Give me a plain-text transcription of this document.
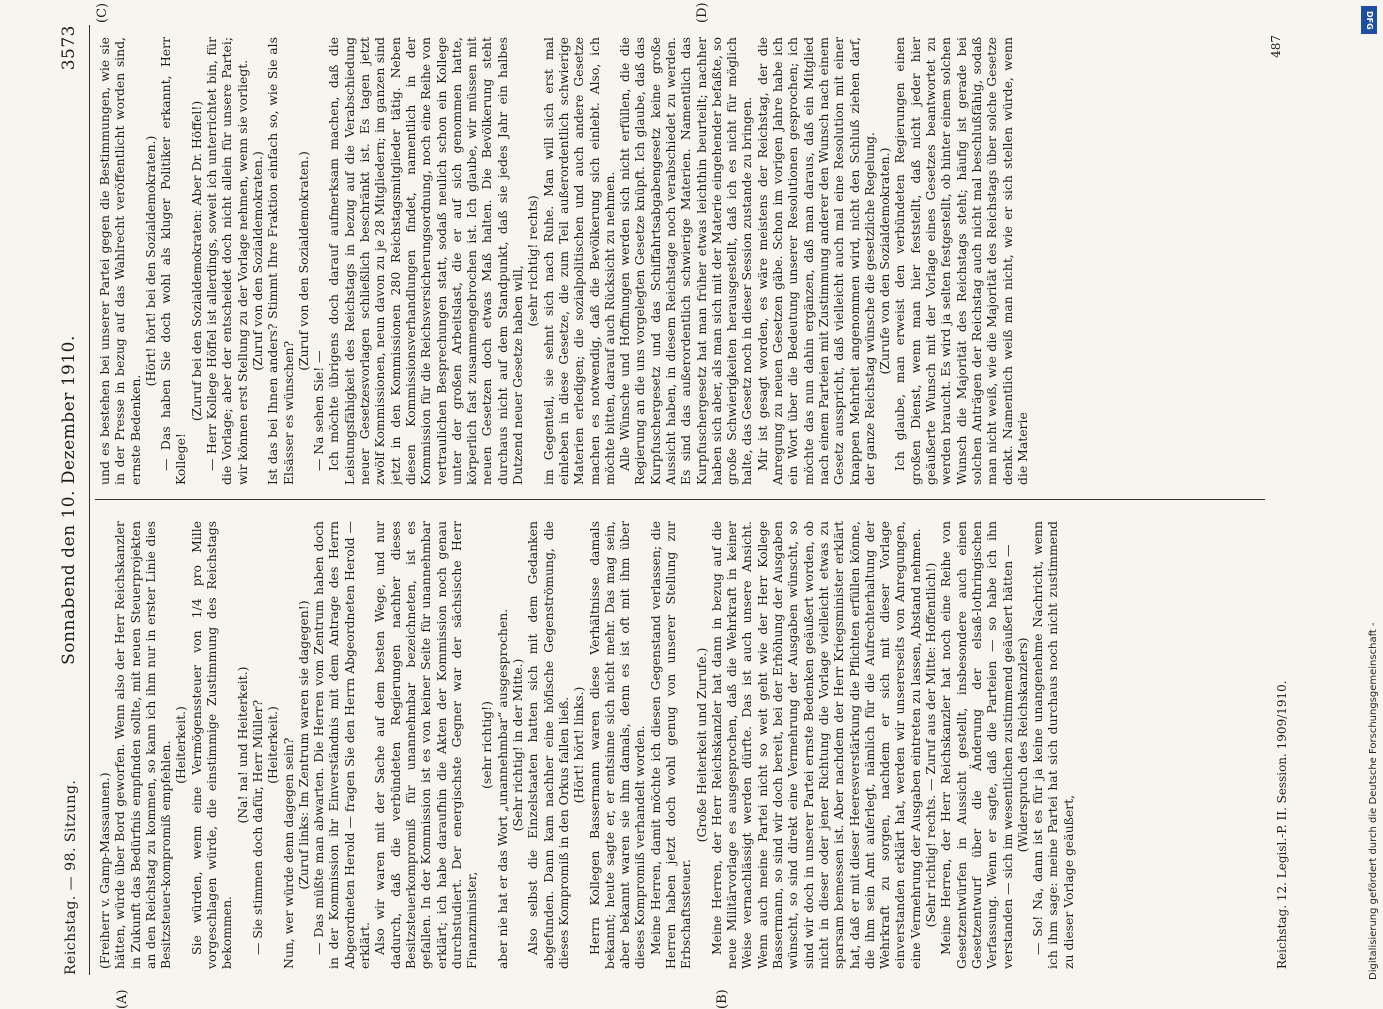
Reichstag. — 98. Sitzung.
Sonnabend den 10. Dezember 1910.
3573
(A)	(B)
(C)	(D)

(Freiherr v. Gamp-Massaunen.) hätten, würde über Bord geworfen. Wenn also der Herr Reichskanzler in Zukunft das Bedürfnis empfinden sollte, mit neuen Steuerprojekten an den Reichstag zu kommen, so kann ich ihm nur in erster Linie dies Besitzsteuer-kompromiß empfehlen. (Heiterkeit.) Sie würden, wenn eine Vermögenssteuer von 1/4 pro Mille vorgeschlagen würde, die einstimmige Zustimmung des Reichstags bekommen.

(Na! na! und Heiterkeit.) — Sie stimmen doch dafür, Herr Müller? (Heiterkeit.) Nun, wer würde denn dagegen sein? (Zuruf links: Im Zentrum waren sie dagegen!) — Das müßte man abwarten. Die Herren vom Zentrum haben doch in der Kommission ihr Einverständnis mit dem Antrage des Herrn Abgeordneten Herold — fragen Sie den Herrn Abgeordneten Herold — erklärt. Also wir waren mit der Sache auf dem besten Wege, und nur dadurch, daß die verbündeten Regierungen nachher dieses Besitzsteuerkompromiß für unannehmbar bezeichneten, ist es gefallen. In der Kommission ist es von keiner Seite für unannehmbar erklärt; ich habe daraufhin die Akten der Kommission noch genau durchstudiert. Der energischste Gegner war der sächsische Herr Finanzminister,

(sehr richtig!) aber nie hat er das Wort „unannehmbar“ ausgesprochen. (Sehr richtig! in der Mitte.) Also selbst die Einzelstaaten hatten sich mit dem Gedanken abgefunden. Dann kam nachher eine höfische Gegenströmung, die dieses Kompromiß in den Orkus fallen ließ. (Hört! hört! links.) Herrn Kollegen Bassermann waren diese Verhältnisse damals bekannt; heute sagte er, er entsinne sich nicht mehr. Das mag sein, aber bekannt waren sie ihm damals, denn es ist oft mit ihm über dieses Kompromiß verhandelt worden. Meine Herren, damit möchte ich diesen Gegenstand verlassen; die Herren haben jetzt doch wohl genug von unserer Stellung zur Erbschaftssteuer.

(Große Heiterkeit und Zurufe.) Meine Herren, der Herr Reichskanzler hat dann in bezug auf die neue Militärvorlage es ausgesprochen, daß die Wehrkraft in keiner Weise vernachlässigt werden dürfte. Das ist auch unsere Ansicht. Wenn auch meine Partei nicht so weit geht wie der Herr Kollege Bassermann, so sind wir doch bereit, bei der Erhöhung der Ausgaben wünscht, so sind direkt eine Vermehrung der Ausgaben wünscht, so sind wir doch in unserer Partei ernste Bedenken geäußert worden, ob nicht in dieser oder jener Richtung die Vorlage vielleicht etwas zu sparsam bemessen ist. Aber nachdem der Herr Kriegsminister erklärt hat, daß er mit dieser Heeresverstärkung die Pflichten erfüllen könne, die ihm sein Amt auferlegt, nämlich für die Aufrechterhaltung der Wehrkraft zu sorgen, nachdem er sich mit dieser Vorlage einverstanden erklärt hat, werden wir unsererseits von Anregungen, eine Vermehrung der Ausgaben eintreten zu lassen, Abstand nehmen. (Sehr richtig! rechts. — Zuruf aus der Mitte: Hoffentlich!) Meine Herren, der Herr Reichskanzler hat noch eine Reihe von Gesetzentwürfen in Aussicht gestellt, insbesondere auch einen Gesetzentwurf über die Änderung der elsaß-lothringischen Verfassung. Wenn er sagte, daß die Parteien — so habe ich ihn verstanden — sich im wesentlichen zustimmend geäußert hätten — (Widerspruch des Reichskanzlers) — So! Na, dann ist es für ja keine unangenehme Nachricht, wenn ich ihm sage: meine Partei hat sich durchaus noch nicht zustimmend zu dieser Vorlage geäußert,

und es bestehen bei unserer Partei gegen die Bestimmungen, wie sie in der Presse in bezug auf das Wahlrecht veröffentlicht worden sind, ernste Bedenken.

(Hört! hört! bei den Sozialdemokraten.) — Das haben Sie doch wohl als kluger Politiker erkannt, Herr Kollege!

(Zuruf bei den Sozialdemokraten: Aber Dr. Höffel!) — Herr Kollege Höffel ist allerdings, soweit ich unterrichtet bin, für die Vorlage; aber der entscheidet doch nicht allein für unsere Partei; wir können erst Stellung zu der Vorlage nehmen, wenn sie vorliegt. (Zuruf von den Sozialdemokraten.) Ist das bei Ihnen anders? Stimmt Ihre Fraktion einfach so, wie Sie als Elsässer es wünschen?

(Zuruf von den Sozialdemokraten.)

— Na sehen Sie! — Ich möchte übrigens doch darauf aufmerksam machen, daß die Leistungsfähigkeit des Reichstags in bezug auf die Verabschiedung neuer Gesetzesvorlagen schließlich beschränkt ist. Es tagen jetzt zwölf Kommissionen, neun davon zu je 28 Mitgliedern; im ganzen sind jetzt in den Kommissionen 280 Reichstagsmitglieder tätig. Neben diesen Kommissionsverhandlungen findet, namentlich in der Kommission für die Reichsversicherungsordnung, noch eine Reihe von vertraulichen Besprechungen statt, sodaß neulich schon ein Kollege unter der großen Arbeitslast, die er auf sich genommen hatte, körperlich fast zusammengebrochen ist. Ich glaube, wir müssen mit neuen Gesetzen doch etwas Maß halten. Die Bevölkerung steht durchaus nicht auf dem Standpunkt, daß sie jedes Jahr ein halbes Dutzend neuer Gesetze haben will,

(sehr richtig! rechts) im Gegenteil, sie sehnt sich nach Ruhe. Man will sich erst mal einleben in diese Gesetze, die zum Teil außerordentlich schwierige Materien erledigen; die sozialpolitischen und auch andere Gesetze machen es notwendig, daß die Bevölkerung sich einlebt. Also, ich möchte bitten, darauf auch Rücksicht zu nehmen. Alle Wünsche und Hoffnungen werden sich nicht erfüllen, die die Regierung an die uns vorgelegten Gesetze knüpft. Ich glaube, daß das Kurpfuschergesetz und das Schiffahrtsabgabengesetz keine große Aussicht haben, in diesem Reichstage noch verabschiedet zu werden. Es sind das außerordentlich schwierige Materien. Namentlich das Kurpfuschergesetz hat man früher etwas leichthin beurteilt; nachher haben sich aber, als man sich mit der Materie eingehender befaßte, so große Schwierigkeiten herausgestellt, daß ich es nicht für möglich halte, das Gesetz noch in dieser Session zustande zu bringen. Mir ist gesagt worden, es wäre meistens der Reichstag, der die Anregung zu neuen Gesetzen gäbe. Schon im vorigen Jahre habe ich ein Wort über die Bedeutung unserer Resolutionen gesprochen; ich möchte das nun dahin ergänzen, daß man daraus, daß ein Mitglied nach einem Parteien mit Zustimmung anderer den Wunsch nach einem Gesetz ausspricht, daß vielleicht auch mal eine Resolution mit einer knappen Mehrheit angenommen wird, nicht den Schluß ziehen darf, der ganze Reichstag wünsche die gesetzliche Regelung. (Zurufe von den Sozialdemokraten.) Ich glaube, man erweist den verbündeten Regierungen einen großen Dienst, wenn man hier feststellt, daß nicht jeder hier geäußerte Wunsch mit der Vorlage eines Gesetzes beantwortet zu werden braucht. Es wird ja selten festgestellt, ob hinter einem solchen Wunsch die Majorität des Reichstags steht; häufig ist gerade bei solchen Anträgen der Reichstag auch nicht mal beschlußfähig, sodaß man nicht weiß, wie die Majorität des Reichstags über solche Gesetze denkt. Namentlich weiß man nicht, wie er sich stellen würde, wenn die Materie

Reichstag. 12. Legisl.-P. II. Session. 1909/1910.
487
Digitalisierung gefördert durch die Deutsche Forschungsgemeinschaft -
DFG
